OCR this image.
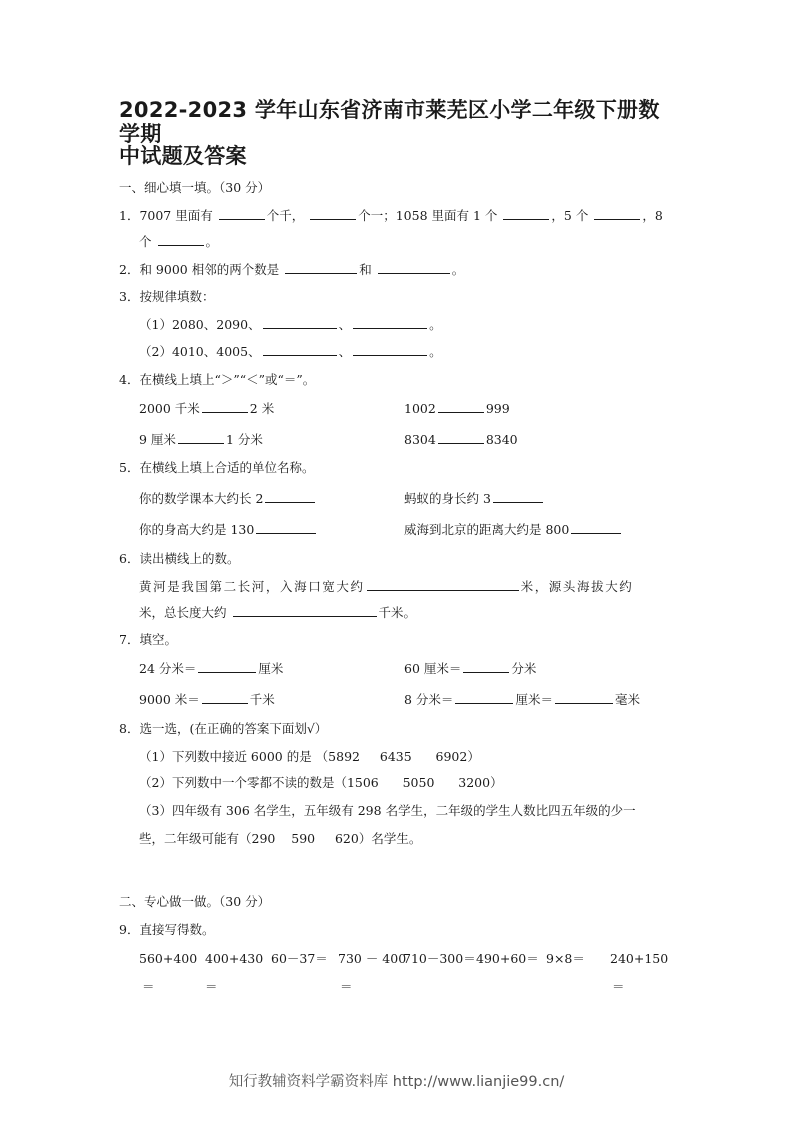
2022-2023 学年山东省济南市莱芜区小学二年级下册数学期
中试题及答案
一、细心填一填。（30 分）
1．7007 里面有	个千，	个一；1058 里面有 1 个	，5 个	，8
个	。
2．和 9000 相邻的两个数是	和	。
3．按规律填数：
（1）2080、2090、	、	。
（2）4010、4005、	、	。
4．在横线上填上“＞”“＜”或“＝”。
2000 千米	2 米	1002	999
9 厘米	1 分米	8304	8340
5．在横线上填上合适的单位名称。
你的数学课本大约长 2	蚂蚁的身长约 3
你的身高大约是 130	威海到北京的距离大约是 800
6．读出横线上的数。
黄河是我国第二长河，入海口宽大约	米，源头海拔大约
米，总长度大约	千米。
7．填空。
24 分米＝	厘米	60 厘米＝	分米
9000 米＝	千米	8 分米＝	厘米＝	毫米
8．选一选，(在正确的答案下面划√）
（1）下列数中接近 6000 的是 （5892     6435      6902）
（2）下列数中一个零都不读的数是（1506      5050      3200）
（3）四年级有 306 名学生，五年级有 298 名学生，二年级的学生人数比四五年级的少一
些，二年级可能有（290    590     620）名学生。
二、专心做一做。（30 分）
9．直接写得数。
560+400 400+430 60－37＝ 730 － 400
710－300＝ 490+60＝ 9×8＝ 240+150
＝	＝	＝	＝
知行教辅资料学霸资料库 http://www.lianjie99.cn/
